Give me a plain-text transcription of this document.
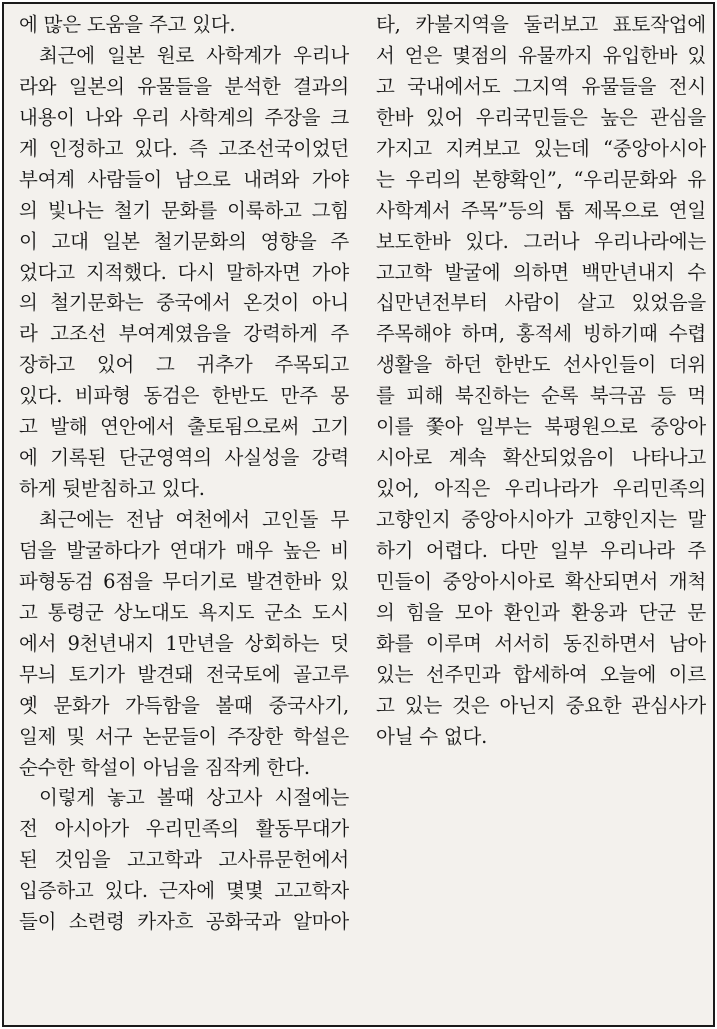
에 많은 도움을 주고 있다.
최근에 일본 원로 사학계가 우리나
라와 일본의 유물들을 분석한 결과의
내용이 나와 우리 사학계의 주장을 크
게 인정하고 있다. 즉 고조선국이었던
부여계 사람들이 남으로 내려와 가야
의 빛나는 철기 문화를 이룩하고 그힘
이 고대 일본 철기문화의 영향을 주
었다고 지적했다. 다시 말하자면 가야
의 철기문화는 중국에서 온것이 아니
라 고조선 부여계였음을 강력하게 주
장하고 있어 그 귀추가 주목되고
있다. 비파형 동검은 한반도 만주 몽
고 발해 연안에서 출토됨으로써 고기
에 기록된 단군영역의 사실성을 강력
하게 뒷받침하고 있다.
최근에는 전남 여천에서 고인돌 무
덤을 발굴하다가 연대가 매우 높은 비
파형동검 6점을 무더기로 발견한바 있
고 통령군 상노대도 욕지도 군소 도시
에서 9천년내지 1만년을 상회하는 덧
무늬 토기가 발견돼 전국토에 골고루
옛 문화가 가득함을 볼때 중국사기,
일제 및 서구 논문들이 주장한 학설은
순수한 학설이 아님을 짐작케 한다.
이렇게 놓고 볼때 상고사 시절에는
전 아시아가 우리민족의 활동무대가
된 것임을 고고학과 고사류문헌에서
입증하고 있다. 근자에 몇몇 고고학자
들이 소련령 카자흐 공화국과 알마아
타, 카불지역을 둘러보고 표토작업에
서 얻은 몇점의 유물까지 유입한바 있
고 국내에서도 그지역 유물들을 전시
한바 있어 우리국민들은 높은 관심을
가지고 지켜보고 있는데 “중앙아시아
는 우리의 본향확인”, “우리문화와 유
사학계서 주목”등의 톱 제목으로 연일
보도한바 있다. 그러나 우리나라에는
고고학 발굴에 의하면 백만년내지 수
십만년전부터 사람이 살고 있었음을
주목해야 하며, 홍적세 빙하기때 수렵
생활을 하던 한반도 선사인들이 더위
를 피해 북진하는 순록 북극곰 등 먹
이를 쫓아 일부는 북평원으로 중앙아
시아로 계속 확산되었음이 나타나고
있어, 아직은 우리나라가 우리민족의
고향인지 중앙아시아가 고향인지는 말
하기 어렵다. 다만 일부 우리나라 주
민들이 중앙아시아로 확산되면서 개척
의 힘을 모아 환인과 환웅과 단군 문
화를 이루며 서서히 동진하면서 남아
있는 선주민과 합세하여 오늘에 이르
고 있는 것은 아닌지 중요한 관심사가
아닐 수 없다.
